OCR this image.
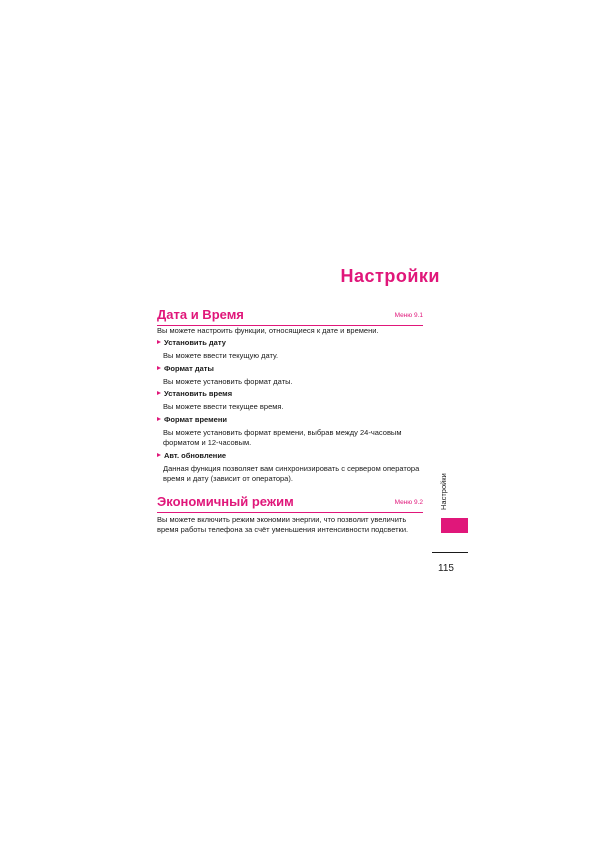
Настройки
Дата и Время	Меню 9.1
Вы можете настроить функции, относящиеся к дате и времени.
Установить дату
Вы можете ввести текущую дату.
Формат даты
Вы можете установить формат даты.
Установить время
Вы можете ввести текущее время.
Формат времени
Вы можете установить формат времени, выбрав между 24-часовым форматом и 12-часовым.
Авт. обновление
Данная функция позволяет вам синхронизировать с сервером оператора время и дату (зависит от оператора).
Экономичный режим	Меню 9.2
Вы можете включить режим экономии энергии, что позволит увеличить время работы телефона за счёт уменьшения интенсивности подсветки.
Настройки
115
